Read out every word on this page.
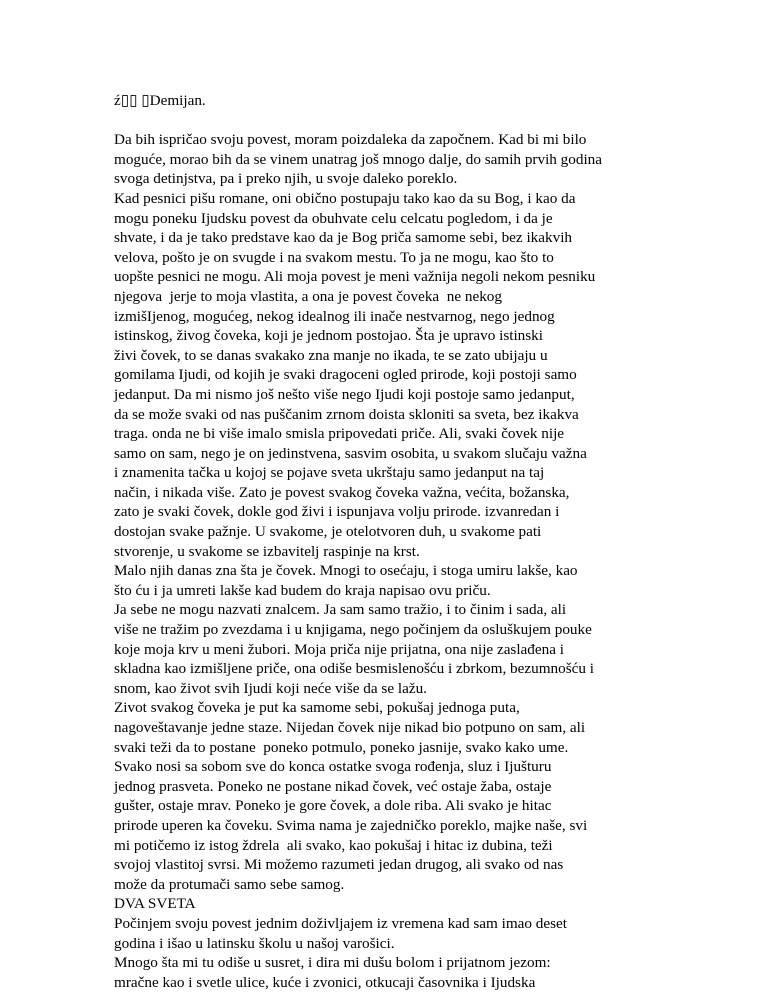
ź▯▯ ▯Demijan.

Da bih ispričao svoju povest, moram poizdaleka da započnem. Kad bi mi bilo

moguće, morao bih da se vinem unatrag još mnogo dalje, do samih prvih godina

svoga detinjstva, pa i preko njih, u svoje daleko poreklo.

Kad pesnici pišu romane, oni obično postupaju tako kao da su Bog, i kao da

mogu poneku Ijudsku povest da obuhvate celu celcatu pogledom, i da je

shvate, i da je tako predstave kao da je Bog priča samome sebi, bez ikakvih

velova, pošto je on svugde i na svakom mestu. To ja ne mogu, kao što to

uopšte pesnici ne mogu. Ali moja povest je meni važnija negoli nekom pesniku

njegova  jerje to moja vlastita, a ona je povest čoveka  ne nekog

izmišIjenog, mogućeg, nekog idealnog ili inače nestvarnog, nego jednog

istinskog, živog čoveka, koji je jednom postojao. Šta je upravo istinski

živi čovek, to se danas svakako zna manje no ikada, te se zato ubijaju u

gomilama Ijudi, od kojih je svaki dragoceni ogled prirode, koji postoji samo

jedanput. Da mi nismo još nešto više nego Ijudi koji postoje samo jedanput,

da se može svaki od nas puščanim zrnom doista skloniti sa sveta, bez ikakva

traga. onda ne bi više imalo smisla pripovedati priče. Ali, svaki čovek nije

samo on sam, nego je on jedinstvena, sasvim osobita, u svakom slučaju važna

i znamenita tačka u kojoj se pojave sveta ukrštaju samo jedanput na taj

način, i nikada više. Zato je povest svakog čoveka važna, većita, božanska,

zato je svaki čovek, dokle god živi i ispunjava volju prirode. izvanredan i

dostojan svake pažnje. U svakome, je otelotvoren duh, u svakome pati

stvorenje, u svakome se izbavitelj raspinje na krst.

Malo njih danas zna šta je čovek. Mnogi to osećaju, i stoga umiru lakše, kao

što ću i ja umreti lakše kad budem do kraja napisao ovu priču.

Ja sebe ne mogu nazvati znalcem. Ja sam samo tražio, i to činim i sada, ali

više ne tražim po zvezdama i u knjigama, nego počinjem da osluškujem pouke

koje moja krv u meni žubori. Moja priča nije prijatna, ona nije zaslađena i

skladna kao izmišljene priče, ona odiše besmislenošću i zbrkom, bezumnošću i

snom, kao život svih Ijudi koji neće više da se lažu.

Zivot svakog čoveka je put ka samome sebi, pokušaj jednoga puta,

nagoveštavanje jedne staze. Nijedan čovek nije nikad bio potpuno on sam, ali

svaki teži da to postane  poneko potmulo, poneko jasnije, svako kako ume.

Svako nosi sa sobom sve do konca ostatke svoga rođenja, sluz i Ijušturu

jednog prasveta. Poneko ne postane nikad čovek, već ostaje žaba, ostaje

gušter, ostaje mrav. Poneko je gore čovek, a dole riba. Ali svako je hitac

prirode uperen ka čoveku. Svima nama je zajedničko poreklo, majke naše, svi

mi potičemo iz istog ždrela  ali svako, kao pokušaj i hitac iz dubina, teži

svojoj vlastitoj svrsi. Mi možemo razumeti jedan drugog, ali svako od nas

može da protumači samo sebe samog.

DVA SVETA

Počinjem svoju povest jednim doživljajem iz vremena kad sam imao deset

godina i išao u latinsku školu u našoj varošici.

Mnogo šta mi tu odiše u susret, i dira mi dušu bolom i prijatnom jezom:

mračne kao i svetle ulice, kuće i zvonici, otkucaji časovnika i Ijudska
